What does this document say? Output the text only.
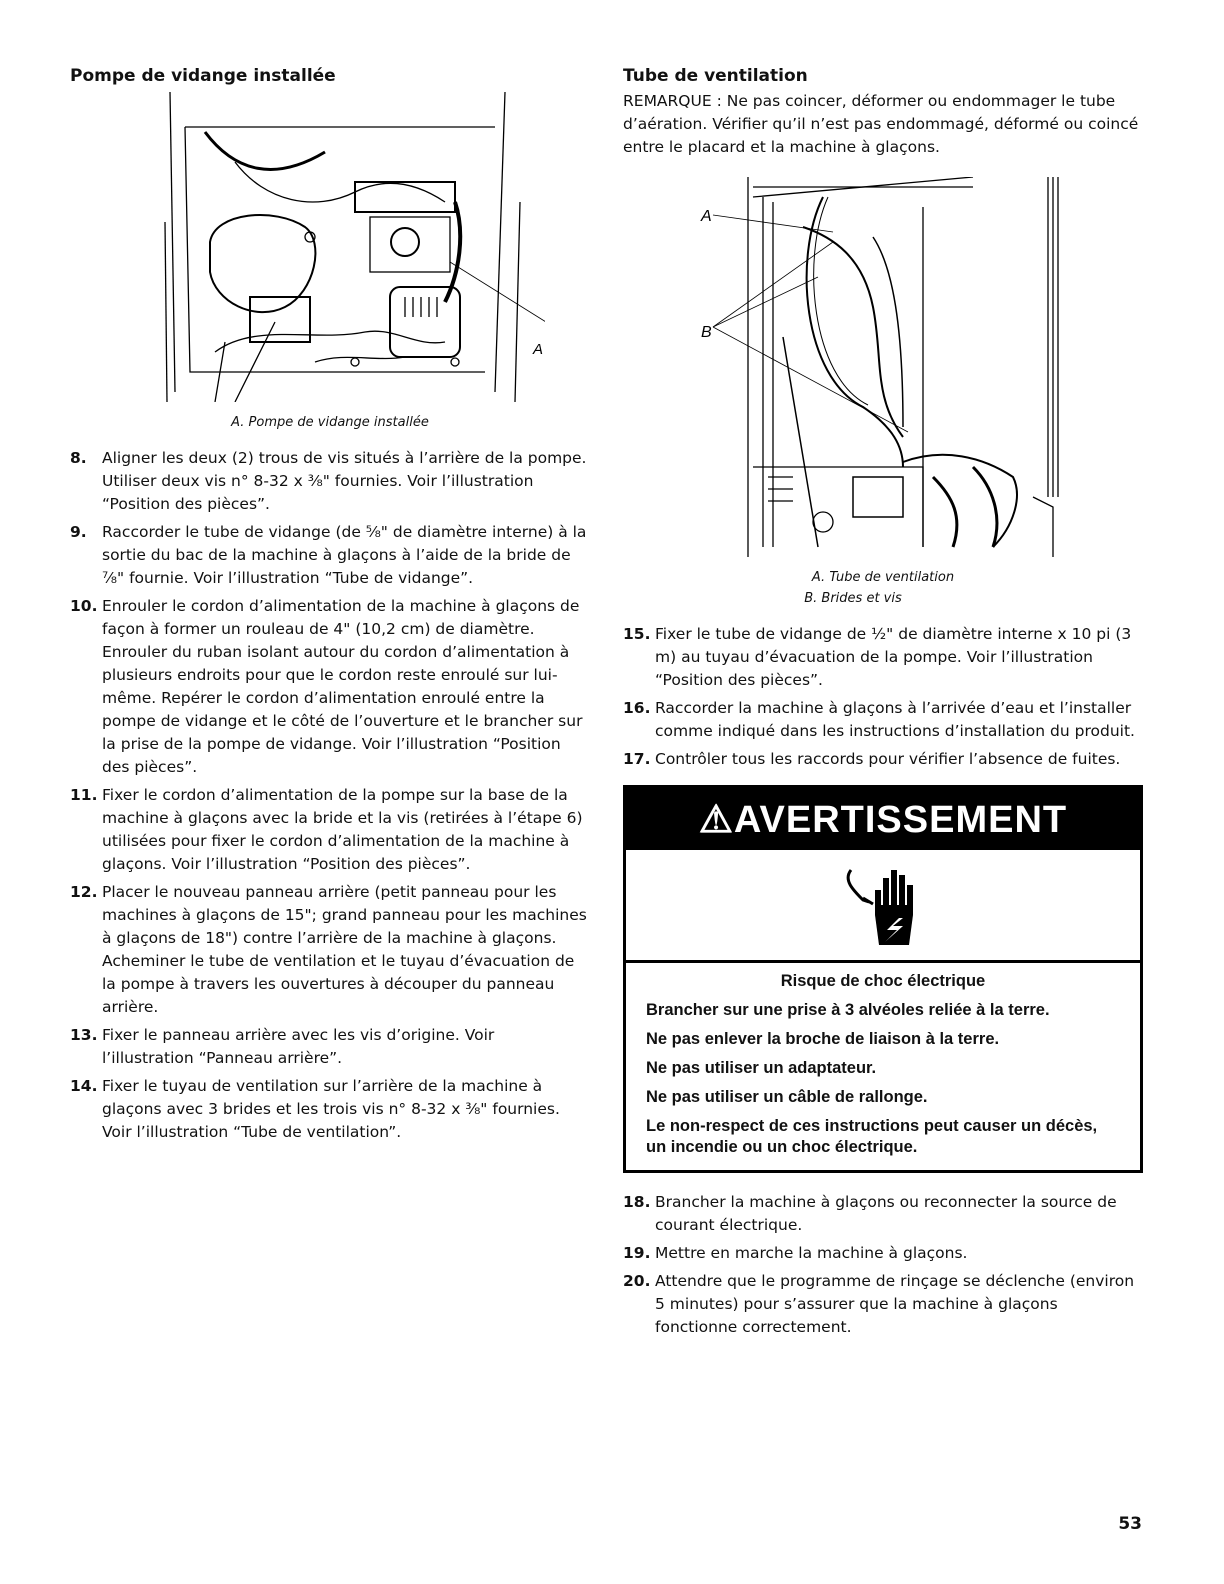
Pompe de vidange installée
A
A. Pompe de vidange installée
8. Aligner les deux (2) trous de vis situés à l’arrière de la pompe. Utiliser deux vis n° 8-32 x ³⁄₈" fournies. Voir l’illustration “Position des pièces”.
9. Raccorder le tube de vidange (de ⁵⁄₈" de diamètre interne) à la sortie du bac de la machine à glaçons à l’aide de la bride de ⁷⁄₈" fournie. Voir l’illustration “Tube de vidange”.
10. Enrouler le cordon d’alimentation de la machine à glaçons de façon à former un rouleau de 4" (10,2 cm) de diamètre. Enrouler du ruban isolant autour du cordon d’alimentation à plusieurs endroits pour que le cordon reste enroulé sur lui-même. Repérer le cordon d’alimentation enroulé entre la pompe de vidange et le côté de l’ouverture et le brancher sur la prise de la pompe de vidange. Voir l’illustration “Position des pièces”.
11. Fixer le cordon d’alimentation de la pompe sur la base de la machine à glaçons avec la bride et la vis (retirées à l’étape 6) utilisées pour fixer le cordon d’alimentation de la machine à glaçons. Voir l’illustration “Position des pièces”.
12. Placer le nouveau panneau arrière (petit panneau pour les machines à glaçons de 15"; grand panneau pour les machines à glaçons de 18") contre l’arrière de la machine à glaçons. Acheminer le tube de ventilation et le tuyau d’évacuation de la pompe à travers les ouvertures à découper du panneau arrière.
13. Fixer le panneau arrière avec les vis d’origine. Voir l’illustration “Panneau arrière”.
14. Fixer le tuyau de ventilation sur l’arrière de la machine à glaçons avec 3 brides et les trois vis n° 8-32 x ³⁄₈" fournies. Voir l’illustration “Tube de ventilation”.
Tube de ventilation

REMARQUE : Ne pas coincer, déformer ou endommager le tube d’aération. Vérifier qu’il n’est pas endommagé, déformé ou coincé entre le placard et la machine à glaçons.

A
B
A. Tube de ventilation
B. Brides et vis
15. Fixer le tube de vidange de ½" de diamètre interne x 10 pi (3 m) au tuyau d’évacuation de la pompe. Voir l’illustration “Position des pièces”.
16. Raccorder la machine à glaçons à l’arrivée d’eau et l’installer comme indiqué dans les instructions d’installation du produit.
17. Contrôler tous les raccords pour vérifier l’absence de fuites.
⚠AVERTISSEMENT

Risque de choc électrique

Brancher sur une prise à 3 alvéoles reliée à la terre.

Ne pas enlever la broche de liaison à la terre.

Ne pas utiliser un adaptateur.

Ne pas utiliser un câble de rallonge.

Le non-respect de ces instructions peut causer un décès, un incendie ou un choc électrique.

18. Brancher la machine à glaçons ou reconnecter la source de courant électrique.
19. Mettre en marche la machine à glaçons.
20. Attendre que le programme de rinçage se déclenche (environ 5 minutes) pour s’assurer que la machine à glaçons fonctionne correctement.
53
